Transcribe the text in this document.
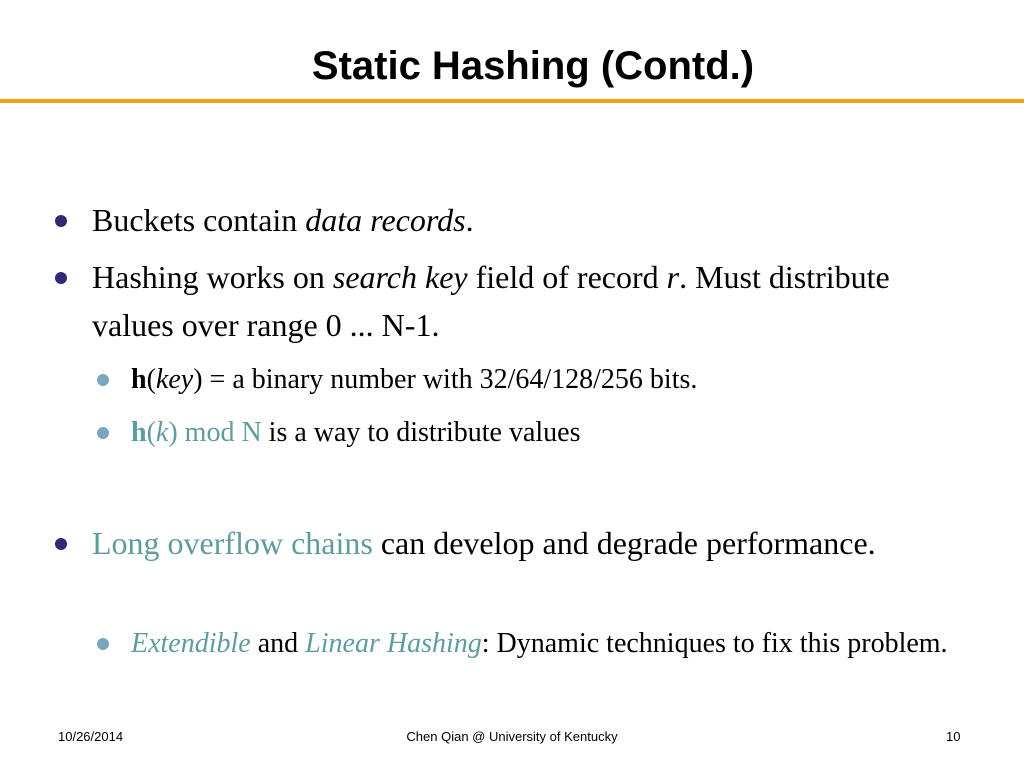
Static Hashing (Contd.)
Buckets contain data records.
Hashing works on search key field of record r. Must distribute values over range 0 ... N-1.
h(key) = a binary number with 32/64/128/256 bits.
h(k) mod N is a way to distribute values
Long overflow chains can develop and degrade performance.
Extendible and Linear Hashing: Dynamic techniques to fix this problem.
10/26/2014	Chen Qian @ University of Kentucky	10
